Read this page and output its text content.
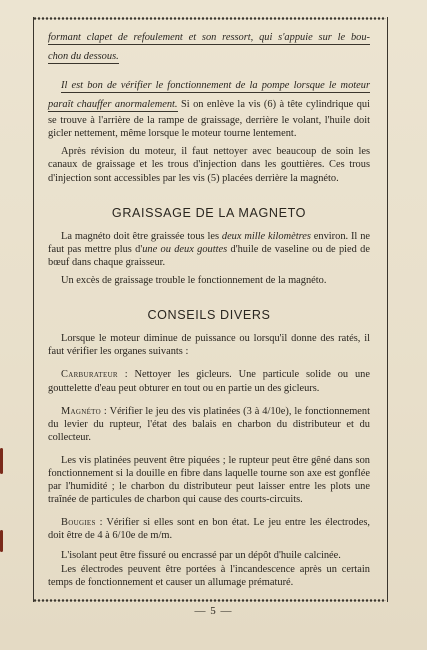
formant clapet de refoulement et son ressort, qui s'appuie sur le bou-

chon du dessous.

Il est bon de vérifier le fonctionnement de la pompe lorsque le moteur paraît chauffer anormalement. Si on enlève la vis (6) à tête cylindrique qui se trouve à l'arrière de la rampe de graissage, derrière le volant, l'huile doit gicler nettement, même lorsque le moteur tourne lentement.

Après révision du moteur, il faut nettoyer avec beaucoup de soin les canaux de graissage et les trous d'injection dans les gouttières. Ces trous d'injection sont accessibles par les vis (5) placées derrière la magnéto.

GRAISSAGE DE LA MAGNETO

La magnéto doit être graissée tous les deux mille kilomètres environ. Il ne faut pas mettre plus d'une ou deux gouttes d'huile de vaseline ou de pied de bœuf dans chaque graisseur.

Un excès de graissage trouble le fonctionnement de la magnéto.

CONSEILS DIVERS

Lorsque le moteur diminue de puissance ou lorsqu'il donne des ratés, il faut vérifier les organes suivants :

Carburateur : Nettoyer les gicleurs. Une particule solide ou une gouttelette d'eau peut obturer en tout ou en partie un des gicleurs.

Magnéto : Vérifier le jeu des vis platinées (3 à 4/10e), le fonctionnement du levier du rupteur, l'état des balais en charbon du distributeur et du collecteur.

Les vis platinées peuvent être piquées ; le rupteur peut être gêné dans son fonctionnement si la douille en fibre dans laquelle tourne son axe est gonflée par l'humidité ; le charbon du distributeur peut laisser entre les plots une traînée de particules de charbon qui cause des courts-circuits.

Bougies : Vérifier si elles sont en bon état. Le jeu entre les électrodes, doit être de 4 à 6/10e de m/m.

L'isolant peut être fissuré ou encrassé par un dépôt d'huile calcinée.

Les électrodes peuvent être portées à l'incandescence après un certain temps de fonctionnement et causer un allumage prématuré.

— 5 —
